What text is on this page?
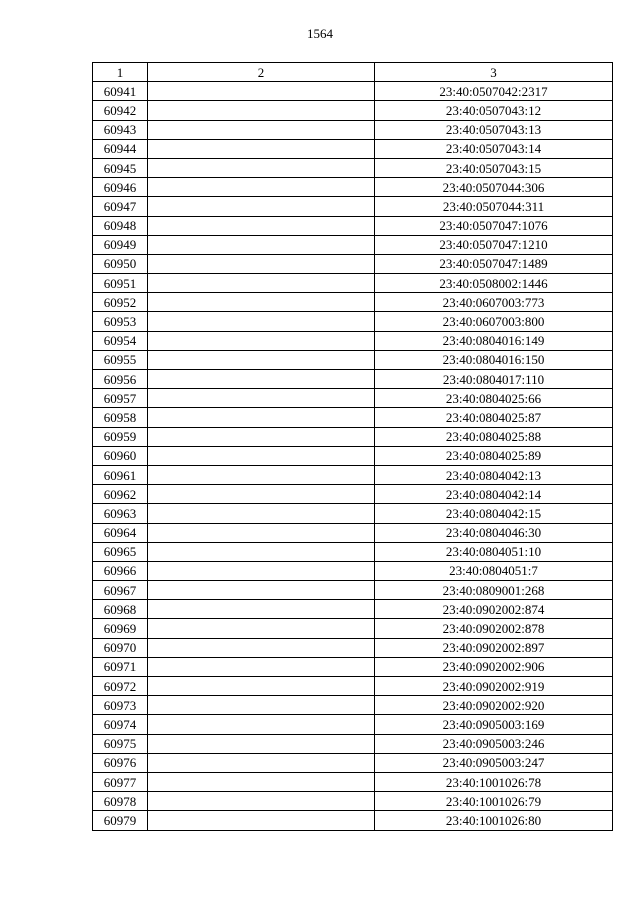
1564
1	2	3
60941		23:40:0507042:2317
60942		23:40:0507043:12
60943		23:40:0507043:13
60944		23:40:0507043:14
60945		23:40:0507043:15
60946		23:40:0507044:306
60947		23:40:0507044:311
60948		23:40:0507047:1076
60949		23:40:0507047:1210
60950		23:40:0507047:1489
60951		23:40:0508002:1446
60952		23:40:0607003:773
60953		23:40:0607003:800
60954		23:40:0804016:149
60955		23:40:0804016:150
60956		23:40:0804017:110
60957		23:40:0804025:66
60958		23:40:0804025:87
60959		23:40:0804025:88
60960		23:40:0804025:89
60961		23:40:0804042:13
60962		23:40:0804042:14
60963		23:40:0804042:15
60964		23:40:0804046:30
60965		23:40:0804051:10
60966		23:40:0804051:7
60967		23:40:0809001:268
60968		23:40:0902002:874
60969		23:40:0902002:878
60970		23:40:0902002:897
60971		23:40:0902002:906
60972		23:40:0902002:919
60973		23:40:0902002:920
60974		23:40:0905003:169
60975		23:40:0905003:246
60976		23:40:0905003:247
60977		23:40:1001026:78
60978		23:40:1001026:79
60979		23:40:1001026:80
